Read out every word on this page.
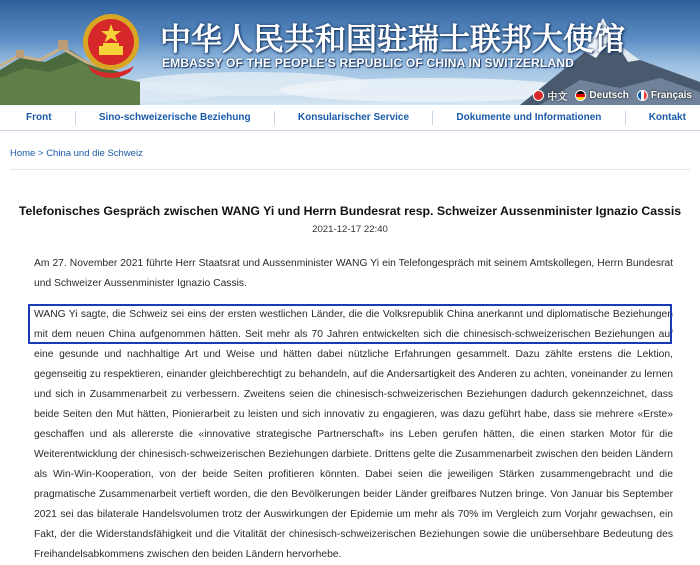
中华人民共和国驻瑞士联邦大使馆
EMBASSY OF THE PEOPLE'S REPUBLIC OF CHINA IN SWITZERLAND
中文 Deutsch Français
Front	Sino-schweizerische Beziehung	Konsularischer Service	Dokumente und Informationen	Kontakt
Home > China und die Schweiz
Telefonisches Gespräch zwischen WANG Yi und Herrn Bundesrat resp. Schweizer Aussenminister Ignazio Cassis
2021-12-17 22:40

Am 27. November 2021 führte Herr Staatsrat und Aussenminister WANG Yi ein Telefongespräch mit seinem Amtskollegen, Herrn Bundesrat und Schweizer Aussenminister Ignazio Cassis.

WANG Yi sagte, die Schweiz sei eins der ersten westlichen Länder, die die Volksrepublik China anerkannt und diplomatische Beziehungen mit dem neuen China aufgenommen hätten. Seit mehr als 70 Jahren entwickelten sich die chinesisch-schweizerischen Beziehungen auf eine gesunde und nachhaltige Art und Weise und hätten dabei nützliche Erfahrungen gesammelt. Dazu zählte erstens die Lektion, gegenseitig zu respektieren, einander gleichberechtigt zu behandeln, auf die Andersartigkeit des Anderen zu achten, voneinander zu lernen und sich in Zusammenarbeit zu verbessern. Zweitens seien die chinesisch-schweizerischen Beziehungen dadurch gekennzeichnet, dass beide Seiten den Mut hätten, Pionierarbeit zu leisten und sich innovativ zu engagieren, was dazu geführt habe, dass sie mehrere «Erste» geschaffen und als allererste die «innovative strategische Partnerschaft» ins Leben gerufen hätten, die einen starken Motor für die Weiterentwicklung der chinesisch-schweizerischen Beziehungen darbiete. Drittens gelte die Zusammenarbeit zwischen den beiden Ländern als Win-Win-Kooperation, von der beide Seiten profitieren könnten. Dabei seien die jeweiligen Stärken zusammengebracht und die pragmatische Zusammenarbeit vertieft worden, die den Bevölkerungen beider Länder greifbares Nutzen bringe. Von Januar bis September 2021 sei das bilaterale Handelsvolumen trotz der Auswirkungen der Epidemie um mehr als 70% im Vergleich zum Vorjahr gewachsen, ein Fakt, der die Widerstandsfähigkeit und die Vitalität der chinesisch-schweizerischen Beziehungen sowie die unübersehbare Bedeutung des Freihandelsabkommens zwischen den beiden Ländern hervorhebe.
